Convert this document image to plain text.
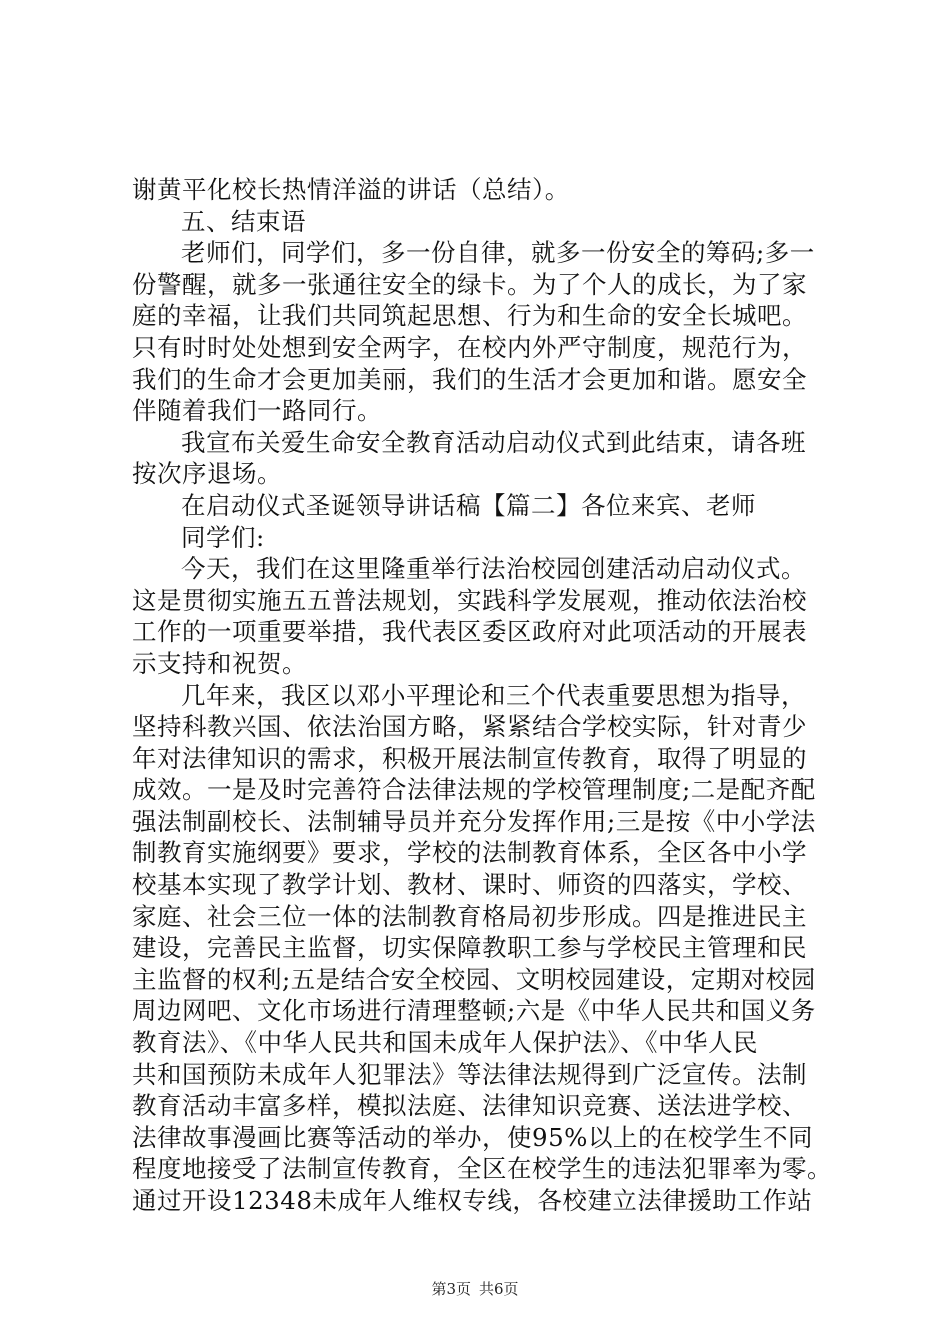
谢黄平化校长热情洋溢的讲话（总结）。
五、结束语
老师们，同学们，多一份自律，就多一份安全的筹码;多一
份警醒，就多一张通往安全的绿卡。为了个人的成长，为了家
庭的幸福，让我们共同筑起思想、行为和生命的安全长城吧。
只有时时处处想到安全两字，在校内外严守制度，规范行为，
我们的生命才会更加美丽，我们的生活才会更加和谐。愿安全
伴随着我们一路同行。
我宣布关爱生命安全教育活动启动仪式到此结束，请各班
按次序退场。
在启动仪式圣诞领导讲话稿【篇二】各位来宾、老师
同学们:
今天，我们在这里隆重举行法治校园创建活动启动仪式。
这是贯彻实施五五普法规划，实践科学发展观，推动依法治校
工作的一项重要举措，我代表区委区政府对此项活动的开展表
示支持和祝贺。
几年来，我区以邓小平理论和三个代表重要思想为指导，
坚持科教兴国、依法治国方略，紧紧结合学校实际，针对青少
年对法律知识的需求，积极开展法制宣传教育，取得了明显的
成效。一是及时完善符合法律法规的学校管理制度;二是配齐配
强法制副校长、法制辅导员并充分发挥作用;三是按《中小学法
制教育实施纲要》要求，学校的法制教育体系，全区各中小学
校基本实现了教学计划、教材、课时、师资的四落实，学校、
家庭、社会三位一体的法制教育格局初步形成。四是推进民主
建设，完善民主监督，切实保障教职工参与学校民主管理和民
主监督的权利;五是结合安全校园、文明校园建设，定期对校园
周边网吧、文化市场进行清理整顿;六是《中华人民共和国义务
教育法》、《中华人民共和国未成年人保护法》、《中华人民
共和国预防未成年人犯罪法》等法律法规得到广泛宣传。法制
教育活动丰富多样，模拟法庭、法律知识竞赛、送法进学校、
法律故事漫画比赛等活动的举办，使95%以上的在校学生不同
程度地接受了法制宣传教育，全区在校学生的违法犯罪率为零。
通过开设12348未成年人维权专线，各校建立法律援助工作站
第3页 共6页
